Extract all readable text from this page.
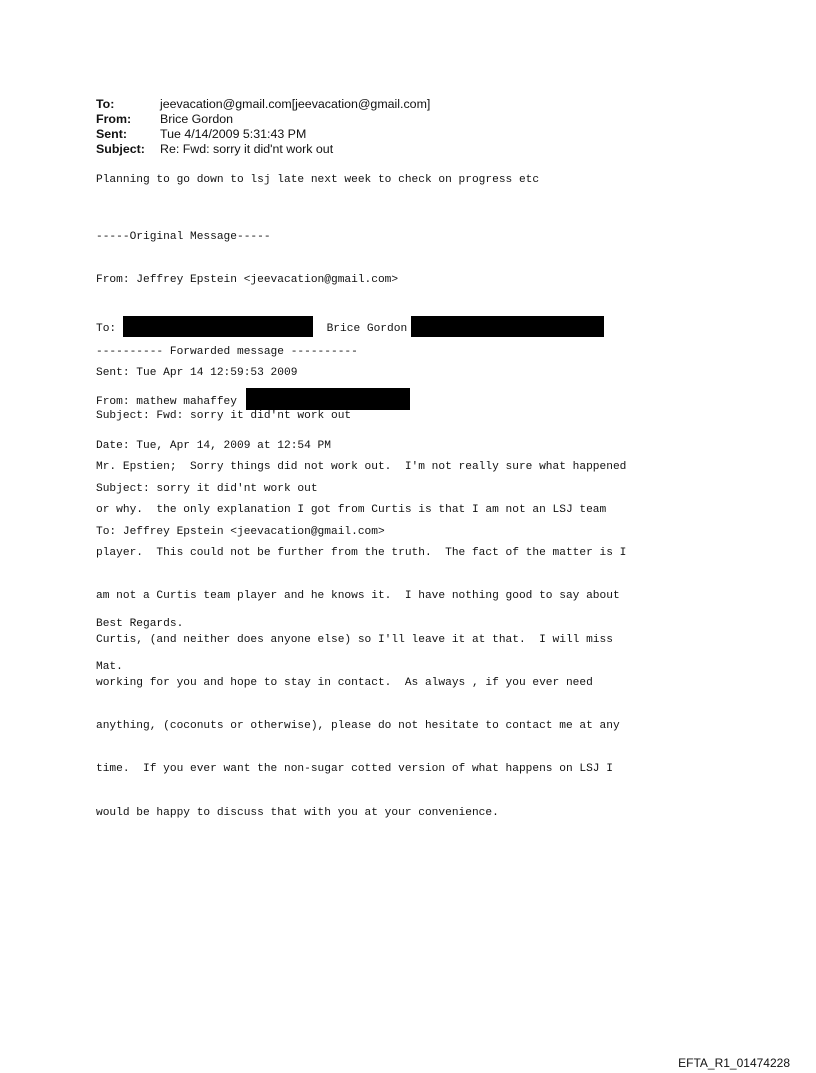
To:	jeevacation@gmail.com[jeevacation@gmail.com]
From:	Brice Gordon
Sent:	Tue 4/14/2009 5:31:43 PM
Subject:	Re: Fwd: sorry it did'nt work out
Planning to go down to lsj late next week to check on progress etc

-----Original Message-----

From: Jeffrey Epstein <jeevacation@gmail.com>

To:	Brice Gordon

Sent: Tue Apr 14 12:59:53 2009

Subject: Fwd: sorry it did'nt work out

---------- Forwarded message ----------

From: mathew mahaffey

Date: Tue, Apr 14, 2009 at 12:54 PM

Subject: sorry it did'nt work out

To: Jeffrey Epstein <jeevacation@gmail.com>

Mr. Epstien;  Sorry things did not work out.  I'm not really sure what happened

or why.  the only explanation I got from Curtis is that I am not an LSJ team

player.  This could not be further from the truth.  The fact of the matter is I

am not a Curtis team player and he knows it.  I have nothing good to say about

Curtis, (and neither does anyone else) so I'll leave it at that.  I will miss

working for you and hope to stay in contact.  As always , if you ever need

anything, (coconuts or otherwise), please do not hesitate to contact me at any

time.  If you ever want the non-sugar cotted version of what happens on LSJ I

would be happy to discuss that with you at your convenience.

Best Regards.

Mat.

EFTA_R1_01474228
